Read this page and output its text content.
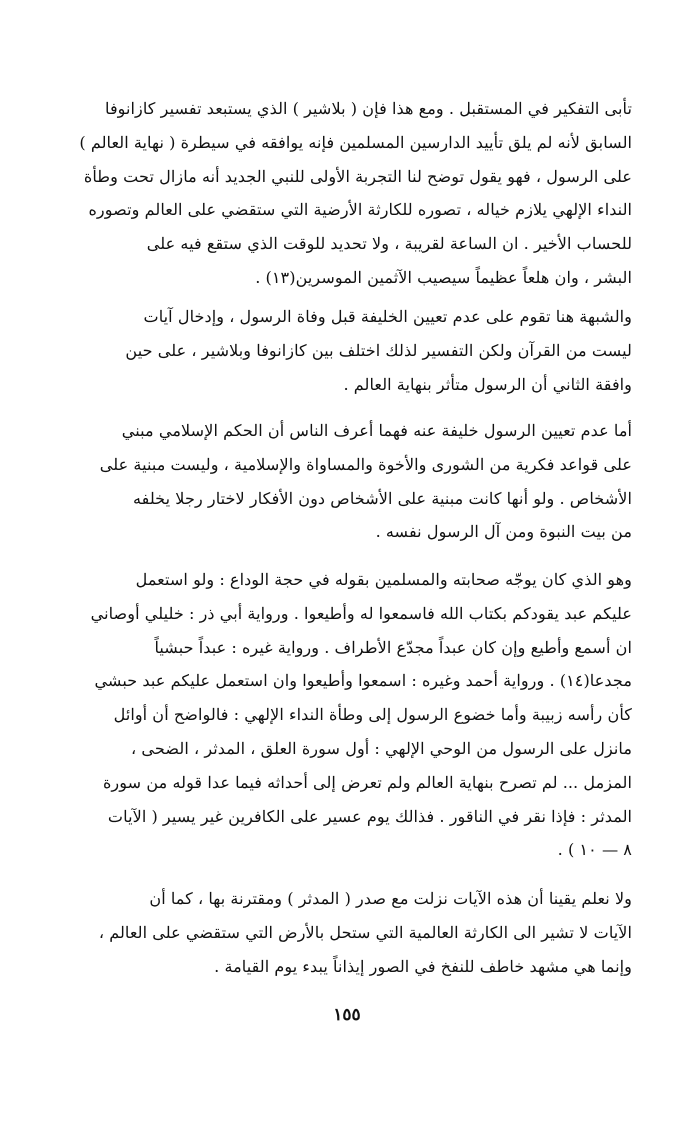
تأبى التفكير في المستقبل . ومع هذا فإن ( بلاشير ) الذي يستبعد تفسير كازانوفا
السابق لأنه لم يلق تأييد الدارسين المسلمين فإنه يوافقه في سيطرة ( نهاية العالم )
على الرسول ، فهو يقول توضح لنا التجربة الأولى للنبي الجديد أنه مازال تحت وطأة
النداء الإلهي يلازم خياله ، تصوره للكارثة الأرضية التي ستقضي على العالم وتصوره
للحساب الأخير . ان الساعة لقريبة ، ولا تحديد للوقت الذي ستقع فيه على
البشر ، وان هلعاً عظيماً سيصيب الآثمين الموسرين(١٣) .

والشبهة هنا تقوم على عدم تعيين الخليفة قبل وفاة الرسول ، وإدخال آيات
ليست من القرآن ولكن التفسير لذلك اختلف بين كازانوفا وبلاشير ، على حين
وافقة الثاني أن الرسول متأثر بنهاية العالم .

أما عدم تعيين الرسول خليفة عنه فهما أعرف الناس أن الحكم الإسلامي مبني
على قواعد فكرية من الشورى والأخوة والمساواة والإسلامية ، وليست مبنية على
الأشخاص . ولو أنها كانت مبنية على الأشخاص دون الأفكار لاختار رجلا يخلفه
من بيت النبوة ومن آل الرسول نفسه .

وهو الذي كان يوجّه صحابته والمسلمين بقوله في حجة الوداع : ولو استعمل
عليكم عبد يقودكم بكتاب الله فاسمعوا له وأطيعوا . ورواية أبي ذر : خليلي أوصاني
ان أسمع وأطيع وإن كان عبداً مجدّع الأطراف . ورواية غيره : عبداً حبشياً
مجدعا(١٤) . ورواية أحمد وغيره : اسمعوا وأطيعوا وان استعمل عليكم عبد حبشي
كأن رأسه زبيبة وأما خضوع الرسول إلى وطأة النداء الإلهي : فالواضح أن أوائل
مانزل على الرسول من الوحي الإلهي : أول سورة العلق ، المدثر ، الضحى ،
المزمل ... لم تصرح بنهاية العالم ولم تعرض إلى أحداثه فيما عدا قوله من سورة
المدثر : فإذا نقر في الناقور . فذالك يوم عسير على الكافرين غير يسير ( الآيات
٨ — ١٠ ) .

ولا نعلم يقينا أن هذه الآيات نزلت مع صدر ( المدثر ) ومقترنة بها ، كما أن
الآيات لا تشير الى الكارثة العالمية التي ستحل بالأرض التي ستقضي على العالم ،
وإنما هي مشهد خاطف للنفخ في الصور إيذاناً يبدء يوم القيامة .

١٥٥
